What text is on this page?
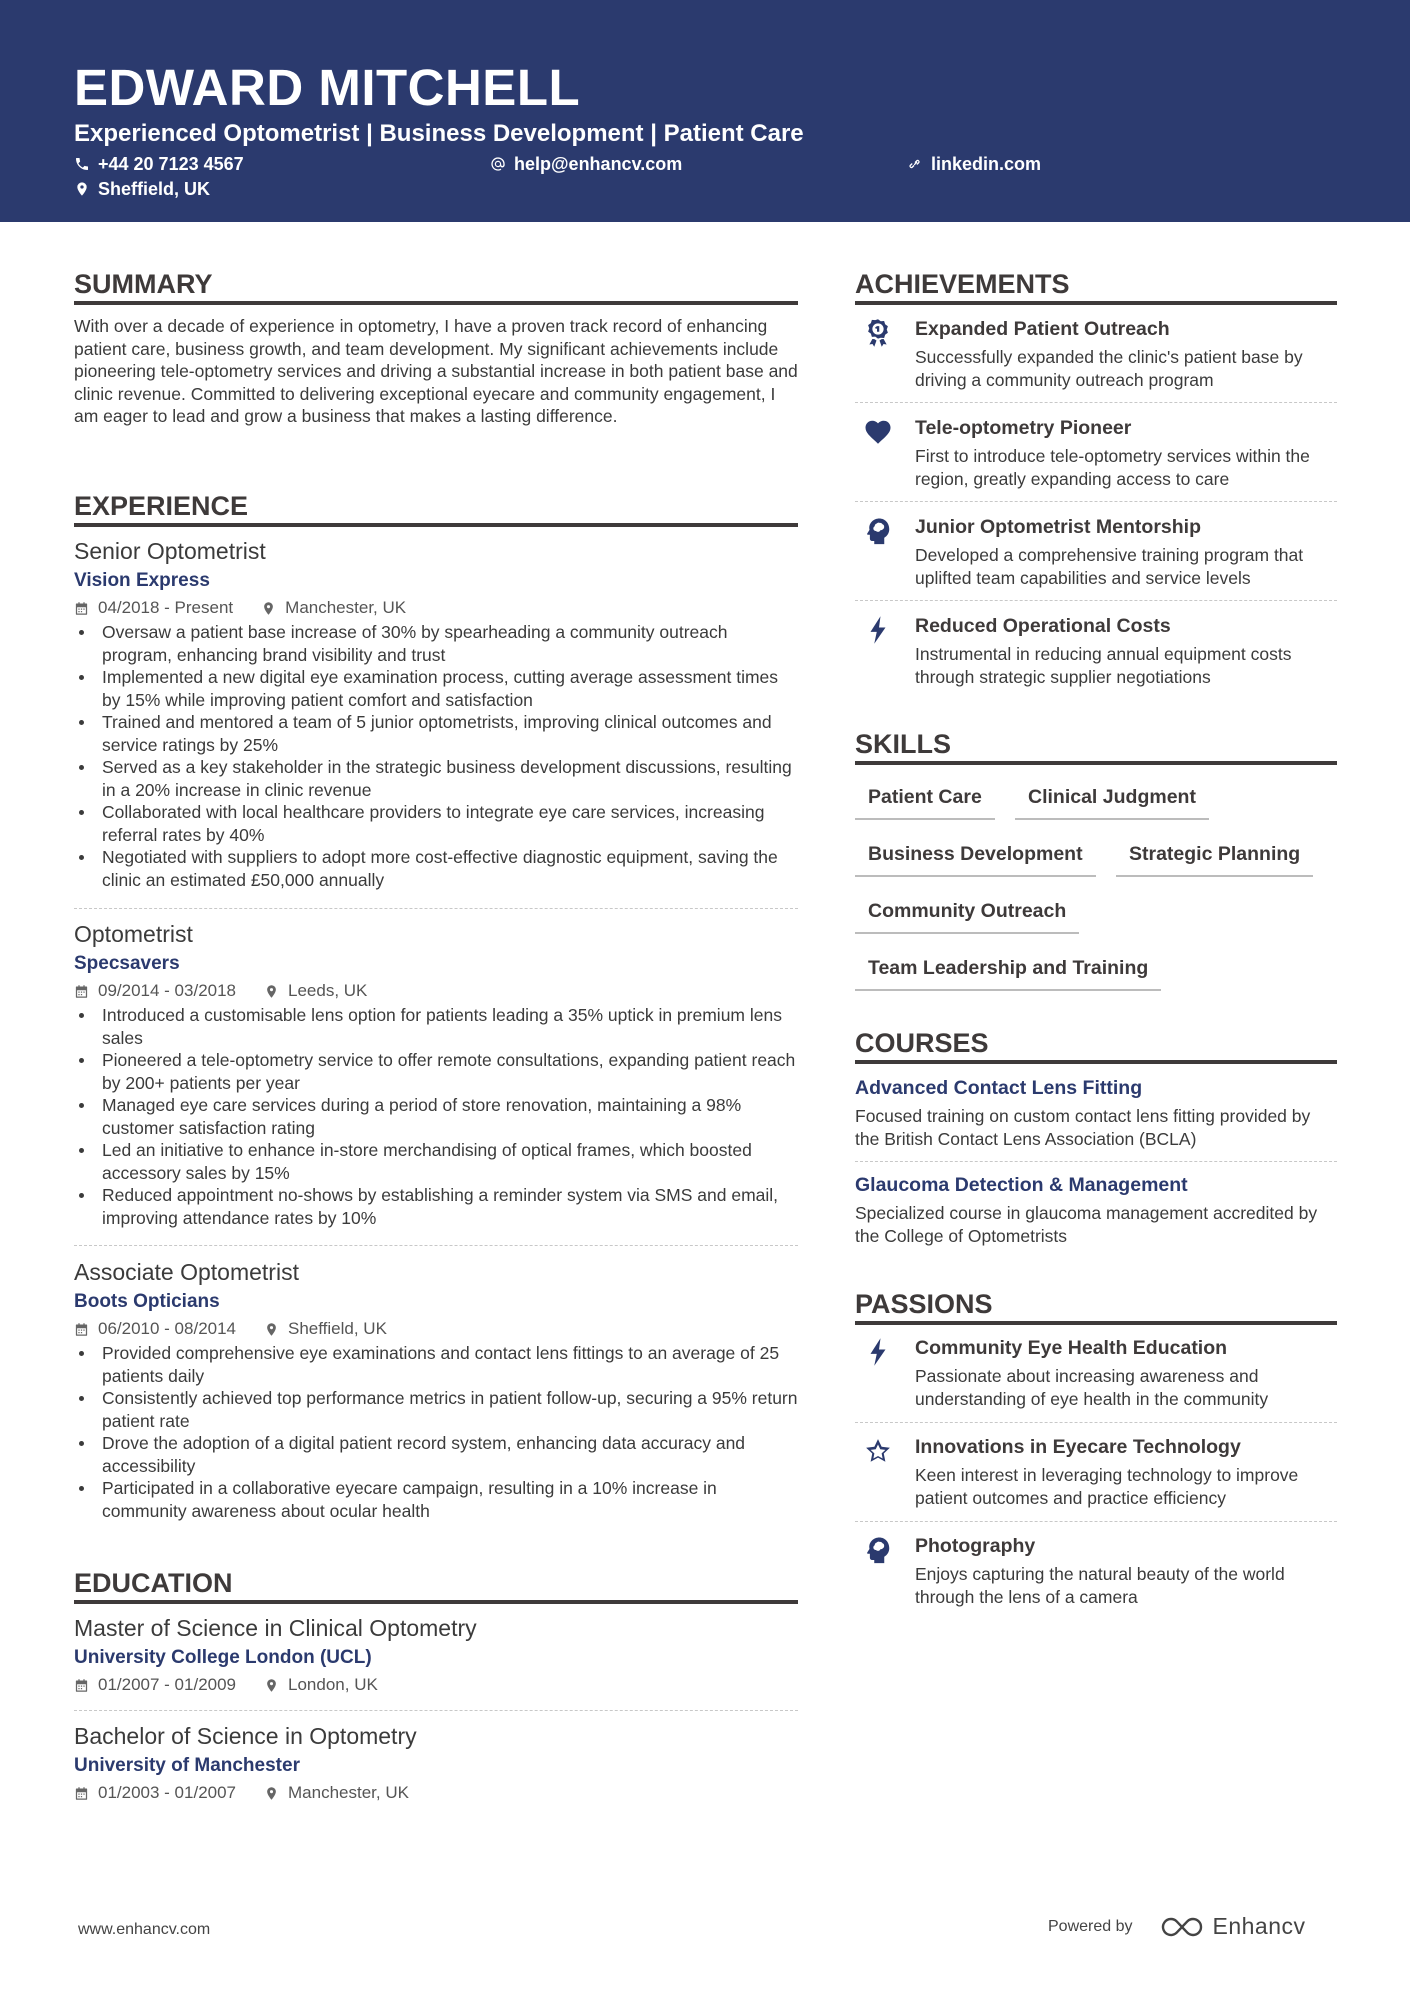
EDWARD MITCHELL
Experienced Optometrist | Business Development | Patient Care
+44 20 7123 4567	help@enhancv.com	linkedin.com
Sheffield, UK
SUMMARY
With over a decade of experience in optometry, I have a proven track record of enhancing patient care, business growth, and team development. My significant achievements include pioneering tele-optometry services and driving a substantial increase in both patient base and clinic revenue. Committed to delivering exceptional eyecare and community engagement, I am eager to lead and grow a business that makes a lasting difference.
EXPERIENCE
Senior Optometrist
Vision Express
04/2018 - Present	Manchester, UK
Oversaw a patient base increase of 30% by spearheading a community outreach program, enhancing brand visibility and trust
Implemented a new digital eye examination process, cutting average assessment times by 15% while improving patient comfort and satisfaction
Trained and mentored a team of 5 junior optometrists, improving clinical outcomes and service ratings by 25%
Served as a key stakeholder in the strategic business development discussions, resulting in a 20% increase in clinic revenue
Collaborated with local healthcare providers to integrate eye care services, increasing referral rates by 40%
Negotiated with suppliers to adopt more cost-effective diagnostic equipment, saving the clinic an estimated £50,000 annually
Optometrist
Specsavers
09/2014 - 03/2018	Leeds, UK
Introduced a customisable lens option for patients leading a 35% uptick in premium lens sales
Pioneered a tele-optometry service to offer remote consultations, expanding patient reach by 200+ patients per year
Managed eye care services during a period of store renovation, maintaining a 98% customer satisfaction rating
Led an initiative to enhance in-store merchandising of optical frames, which boosted accessory sales by 15%
Reduced appointment no-shows by establishing a reminder system via SMS and email, improving attendance rates by 10%
Associate Optometrist
Boots Opticians
06/2010 - 08/2014	Sheffield, UK
Provided comprehensive eye examinations and contact lens fittings to an average of 25 patients daily
Consistently achieved top performance metrics in patient follow-up, securing a 95% return patient rate
Drove the adoption of a digital patient record system, enhancing data accuracy and accessibility
Participated in a collaborative eyecare campaign, resulting in a 10% increase in community awareness about ocular health
EDUCATION
Master of Science in Clinical Optometry
University College London (UCL)
01/2007 - 01/2009	London, UK
Bachelor of Science in Optometry
University of Manchester
01/2003 - 01/2007	Manchester, UK
ACHIEVEMENTS
Expanded Patient Outreach
Successfully expanded the clinic's patient base by driving a community outreach program
Tele-optometry Pioneer
First to introduce tele-optometry services within the region, greatly expanding access to care
Junior Optometrist Mentorship
Developed a comprehensive training program that uplifted team capabilities and service levels
Reduced Operational Costs
Instrumental in reducing annual equipment costs through strategic supplier negotiations
SKILLS
Patient Care	Clinical Judgment
Business Development	Strategic Planning
Community Outreach
Team Leadership and Training
COURSES
Advanced Contact Lens Fitting
Focused training on custom contact lens fitting provided by the British Contact Lens Association (BCLA)
Glaucoma Detection & Management
Specialized course in glaucoma management accredited by the College of Optometrists
PASSIONS
Community Eye Health Education
Passionate about increasing awareness and understanding of eye health in the community
Innovations in Eyecare Technology
Keen interest in leveraging technology to improve patient outcomes and practice efficiency
Photography
Enjoys capturing the natural beauty of the world through the lens of a camera
www.enhancv.com	Powered by	Enhancv
